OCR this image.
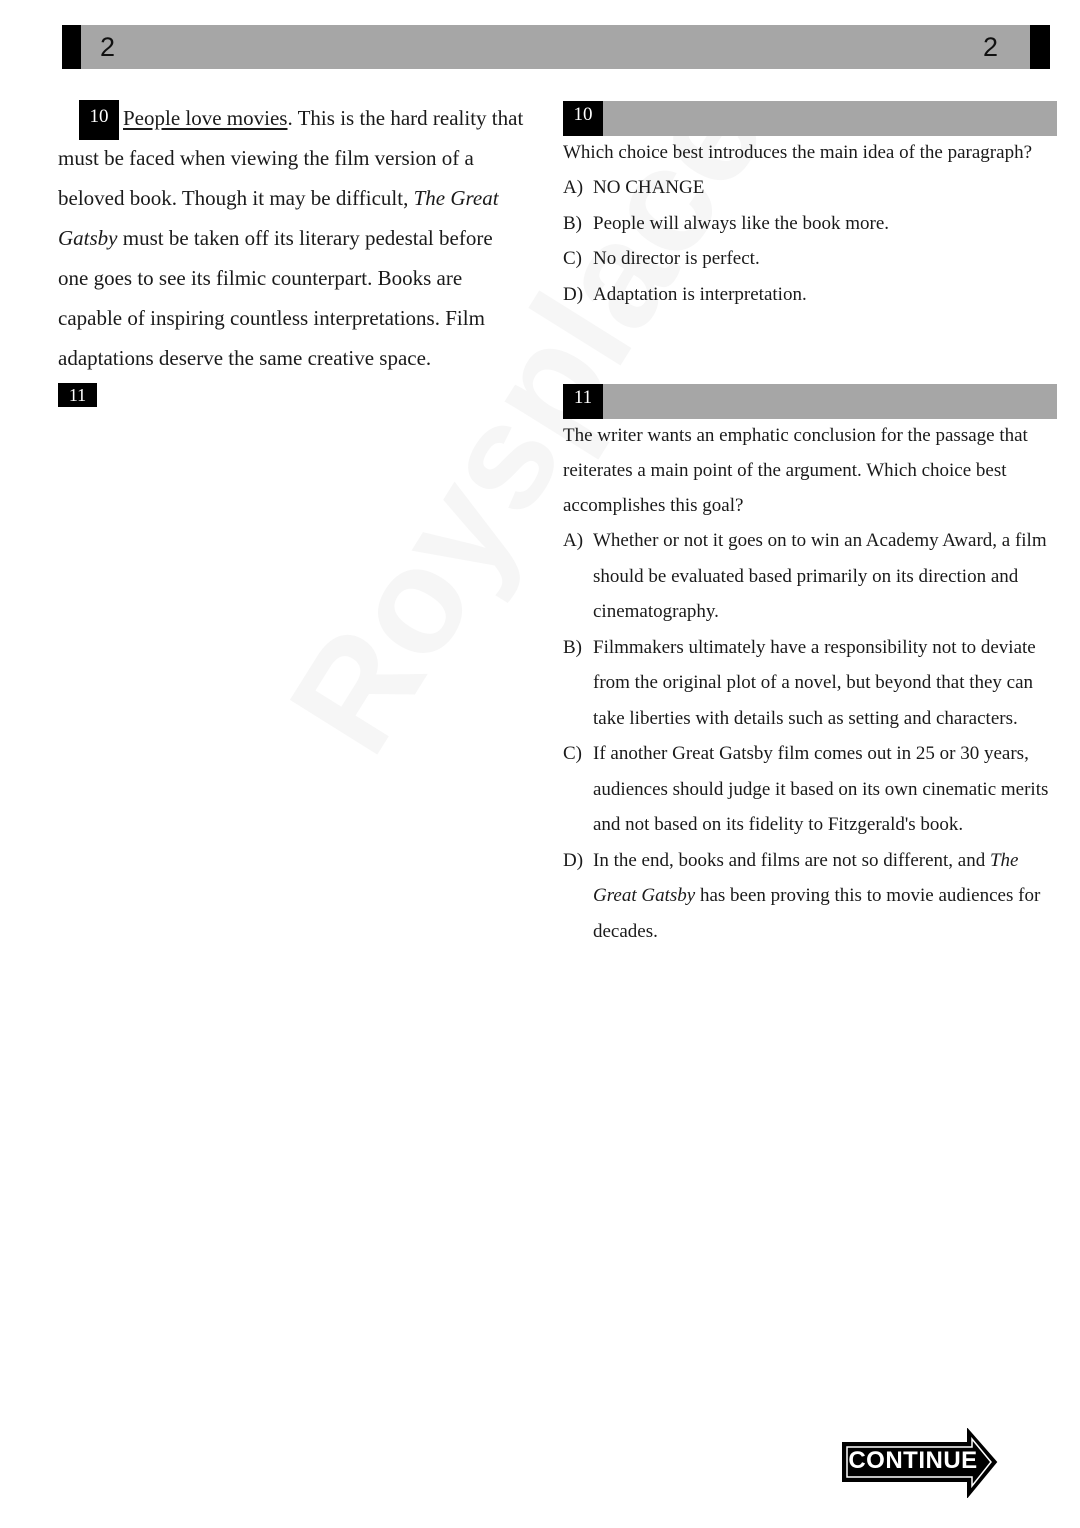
2	2

10 People love movies. This is the hard reality that must be faced when viewing the film version of a beloved book. Though it may be difficult, The Great Gatsby must be taken off its literary pedestal before one goes to see its filmic counterpart. Books are capable of inspiring countless interpretations. Film adaptations deserve the same creative space.

11
10

Which choice best introduces the main idea of the paragraph?

A) NO CHANGE
B) People will always like the book more.
C) No director is perfect.
D) Adaptation is interpretation.
11

The writer wants an emphatic conclusion for the passage that reiterates a main point of the argument. Which choice best accomplishes this goal?

A) Whether or not it goes on to win an Academy Award, a film should be evaluated based primarily on its direction and cinematography.
B) Filmmakers ultimately have a responsibility not to deviate from the original plot of a novel, but beyond that they can take liberties with details such as setting and characters.
C) If another Great Gatsby film comes out in 25 or 30 years, audiences should judge it based on its own cinematic merits and not based on its fidelity to Fitzgerald's book.
D) In the end, books and films are not so different, and The Great Gatsby has been proving this to movie audiences for decades.
CONTINUE
